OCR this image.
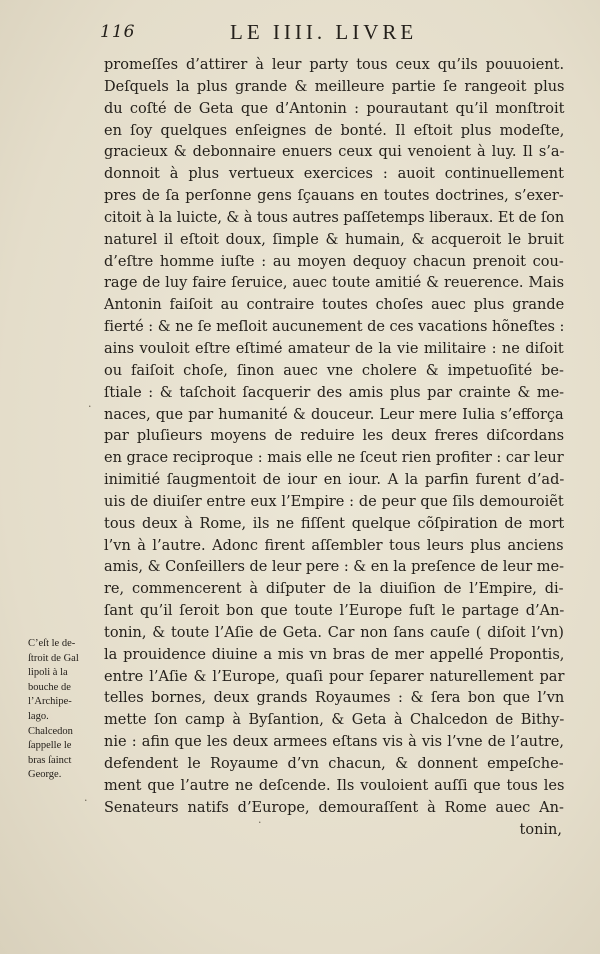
116	LE IIII. LIVRE
promeſſes d’attirer à leur party tous ceux qu’ils pouuoient.
Deſquels la plus grande & meilleure partie ſe rangeoit plus
du coſté de Geta que d’Antonin : pourautant qu’il monſtroit
en ſoy quelques enſeignes de bonté. Il eſtoit plus modeſte,
gracieux & debonnaire enuers ceux qui venoient à luy. Il s’a-
donnoit à plus vertueux exercices : auoit continuellement
pres de ſa perſonne gens ſçauans en toutes doctrines, s’exer-
citoit à la luicte, & à tous autres paſſetemps liberaux. Et de ſon
naturel il eſtoit doux, ſimple & humain, & acqueroit le bruit
d’eſtre homme iuſte : au moyen dequoy chacun prenoit cou-
rage de luy faire ſeruice, auec toute amitié & reuerence. Mais
Antonin faiſoit au contraire toutes choſes auec plus grande
fierté : & ne ſe meſloit aucunement de ces vacations hõneſtes :
ains vouloit eſtre eſtimé amateur de la vie militaire : ne diſoit
ou faiſoit choſe, ſinon auec vne cholere & impetuoſité be-
ſtiale : & taſchoit ſacquerir des amis plus par crainte & me-
naces, que par humanité & douceur. Leur mere Iulia s’efforça
par pluſieurs moyens de reduire les deux freres diſcordans
en grace reciproque : mais elle ne ſceut rien profiter : car leur
inimitié ſaugmentoit de iour en iour. A la parfin furent d’ad-
uis de diuiſer entre eux l’Empire : de peur que ſils demouroiẽt
tous deux à Rome, ils ne fiſſent quelque cõſpiration de mort
l’vn à l’autre. Adonc firent aſſembler tous leurs plus anciens
amis, & Conſeillers de leur pere : & en la preſence de leur me-
re, commencerent à diſputer de la diuiſion de l’Empire, di-
ſant qu’il ſeroit bon que toute l’Europe fuſt le partage d’An-
tonin, & toute l’Aſie de Geta. Car non ſans cauſe ( diſoit l’vn)
la prouidence diuine a mis vn bras de mer appellé Propontis,
entre l’Aſie & l’Europe, quaſi pour ſeparer naturellement par
telles bornes, deux grands Royaumes : & ſera bon que l’vn
mette ſon camp à Byſantion, & Geta à Chalcedon de Bithy-
nie : afin que les deux armees eſtans vis à vis l’vne de l’autre,
defendent le Royaume d’vn chacun, & donnent empeſche-
ment que l’autre ne deſcende. Ils vouloient auſſi que tous les
Senateurs natifs d’Europe, demouraſſent à Rome auec An-
tonin,
C’eſt le de-
ſtroit de Gal
lipoli à la
bouche de
l’Archipe-
lago.
Chalcedon
ſappelle le
bras ſainct
George.
·
·
·
